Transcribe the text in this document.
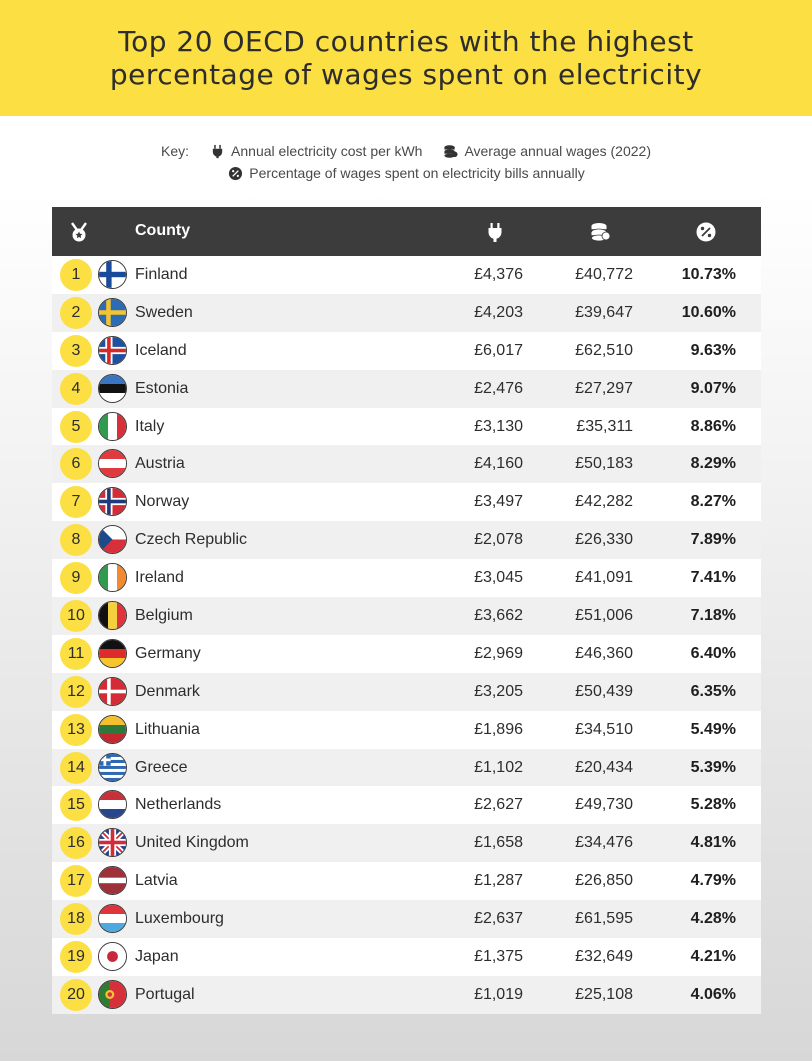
Top 20 OECD countries with the highest
percentage of wages spent on electricity
Key:	Annual electricity cost per kWh	Average annual wages (2022)
Percentage of wages spent on electricity bills annually
County
1	Finland	£4,376	£40,772	10.73%
2	Sweden	£4,203	£39,647	10.60%
3	Iceland	£6,017	£62,510	9.63%
4	Estonia	£2,476	£27,297	9.07%
5	Italy	£3,130	£35,311	8.86%
6	Austria	£4,160	£50,183	8.29%
7	Norway	£3,497	£42,282	8.27%
8	Czech Republic	£2,078	£26,330	7.89%
9	Ireland	£3,045	£41,091	7.41%
10	Belgium	£3,662	£51,006	7.18%
11	Germany	£2,969	£46,360	6.40%
12	Denmark	£3,205	£50,439	6.35%
13	Lithuania	£1,896	£34,510	5.49%
14	Greece	£1,102	£20,434	5.39%
15	Netherlands	£2,627	£49,730	5.28%
16	United Kingdom	£1,658	£34,476	4.81%
17	Latvia	£1,287	£26,850	4.79%
18	Luxembourg	£2,637	£61,595	4.28%
19	Japan	£1,375	£32,649	4.21%
20	Portugal	£1,019	£25,108	4.06%
